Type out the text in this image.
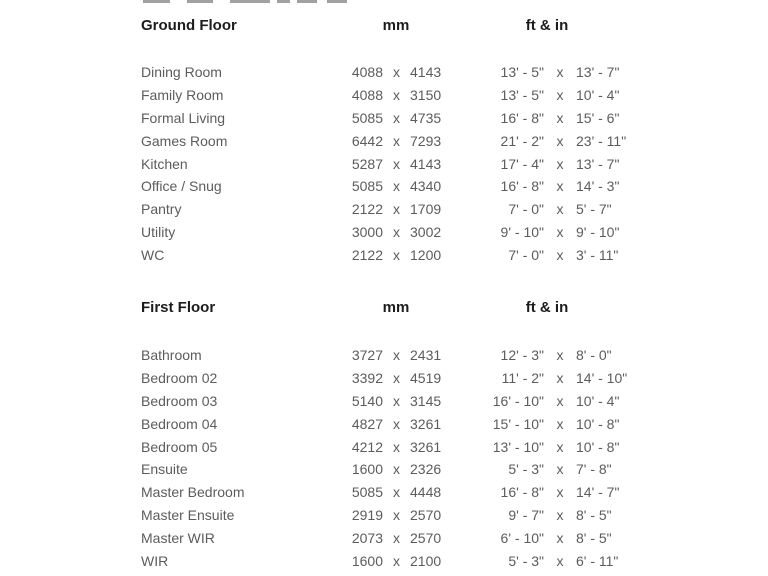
Ground Floor	mm	ft & in
Dining Room	4088 x 4143	13' - 5" x 13' - 7"
Family Room	4088 x 3150	13' - 5" x 10' - 4"
Formal Living	5085 x 4735	16' - 8" x 15' - 6"
Games Room	6442 x 7293	21' - 2" x 23' - 11"
Kitchen	5287 x 4143	17' - 4" x 13' - 7"
Office / Snug	5085 x 4340	16' - 8" x 14' - 3"
Pantry	2122 x 1709	7' - 0" x 5' - 7"
Utility	3000 x 3002	9' - 10" x 9' - 10"
WC	2122 x 1200	7' - 0" x 3' - 11"
First Floor	mm	ft & in
Bathroom	3727 x 2431	12' - 3" x 8' - 0"
Bedroom 02	3392 x 4519	11' - 2" x 14' - 10"
Bedroom 03	5140 x 3145	16' - 10" x 10' - 4"
Bedroom 04	4827 x 3261	15' - 10" x 10' - 8"
Bedroom 05	4212 x 3261	13' - 10" x 10' - 8"
Ensuite	1600 x 2326	5' - 3" x 7' - 8"
Master Bedroom	5085 x 4448	16' - 8" x 14' - 7"
Master Ensuite	2919 x 2570	9' - 7" x 8' - 5"
Master WIR	2073 x 2570	6' - 10" x 8' - 5"
WIR	1600 x 2100	5' - 3" x 6' - 11"
